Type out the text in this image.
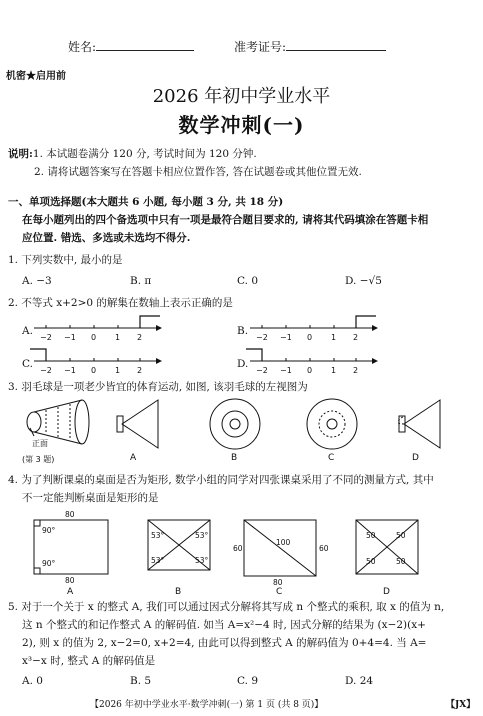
姓名:	准考证号:
机密★启用前
2026 年初中学业水平
数学冲刺(一)
说明:1. 本试题卷满分 120 分, 考试时间为 120 分钟.
2. 请将试题答案写在答题卡相应位置作答, 答在试题卷或其他位置无效.
一、单项选择题(本大题共 6 小题, 每小题 3 分, 共 18 分)
在每小题列出的四个备选项中只有一项是最符合题目要求的, 请将其代码填涂在答题卡相
应位置. 错选、多选或未选均不得分.
1. 下列实数中, 最小的是
A. −3	B. π	C. 0	D. −√5
2. 不等式 x+2>0 的解集在数轴上表示正确的是
A.
−2 −1 0 1 2
B.
−2 −1 0 1 2
C.
−2 −1 0 1 2
D.
−2 −1 0 1 2
3. 羽毛球是一项老少皆宜的体育运动, 如图, 该羽毛球的左视图为
正面
(第 3 题)	A	B	C	D
4. 为了判断课桌的桌面是否为矩形, 数学小组的同学对四张课桌采用了不同的测量方式, 其中
不一定能判断桌面是矩形的是
80
80
90°
90°
53°	53°
53°	53°
60	60
100
80
50	50
50	50
A	B	C	D
5. 对于一个关于 x 的整式 A, 我们可以通过因式分解将其写成 n 个整式的乘积, 取 x 的值为 n,
这 n 个整式的和记作整式 A 的解码值. 如当 A=x²−4 时, 因式分解的结果为 (x−2)(x+
2), 则 x 的值为 2, x−2=0, x+2=4, 由此可以得到整式 A 的解码值为 0+4=4. 当 A=
x³−x 时, 整式 A 的解码值是
A. 0	B. 5	C. 9	D. 24
【2026 年初中学业水平·数学冲刺(一) 第 1 页 (共 8 页)】	【JX】
